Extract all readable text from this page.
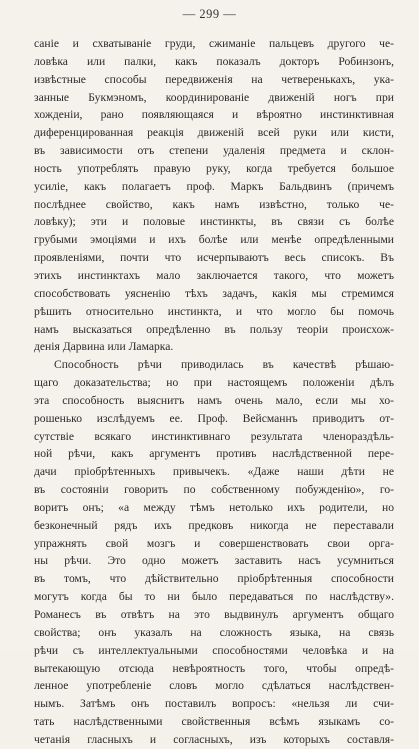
— 299 —
саніе и схватываніе груди, сжиманіе пальцевъ другого че-
ловѣка или палки, какъ показалъ докторъ Робинзонъ,
извѣстные способы передвиженія на четверенькахъ, ука-
занные Букмэномъ, координированіе движеній ногъ при
хожденіи, рано появляющаяся и вѣроятно инстинктивная
диференцированная реакція движеній всей руки или кисти,
въ зависимости отъ степени удаленія предмета и склон-
ность употреблять правую руку, когда требуется большое
усиліе, какъ полагаетъ проф. Маркъ Бальдвинъ (причемъ
послѣднее свойство, какъ намъ извѣстно, только че-
ловѣку); эти и половые инстинкты, въ связи съ болѣе
грубыми эмоціями и ихъ болѣе или менѣе опредѣленными
проявленіями, почти что исчерпываютъ весь списокъ. Въ
этихъ инстинктахъ мало заключается такого, что можетъ
способствовать уясненію тѣхъ задачъ, какія мы стремимся
рѣшить относительно инстинкта, и что могло бы помочь
намъ высказаться опредѣленно въ пользу теоріи происхож-
денія Дарвина или Ламарка.
Способность рѣчи приводилась въ качествѣ рѣшаю-
щаго доказательства; но при настоящемъ положеніи дѣлъ
эта способность выяснитъ намъ очень мало, если мы хо-
рошенько изслѣдуемъ ее. Проф. Вейсманнъ приводитъ от-
сутствіе всякаго инстинктивнаго результата членораздѣль-
ной рѣчи, какъ аргументъ противъ наслѣдственной пере-
дачи пріобрѣтенныхъ привычекъ. «Даже наши дѣти не
въ состояніи говорить по собственному побужденію», го-
воритъ онъ; «а между тѣмъ нетолько ихъ родители, но
безконечный рядъ ихъ предковъ никогда не переставали
упражнять свой мозгъ и совершенствовать свои орга-
ны рѣчи. Это одно можетъ заставить насъ усумниться
въ томъ, что дѣйствительно пріобрѣтенныя способности
могутъ когда бы то ни было передаваться по наслѣдству».
Романесъ въ отвѣтъ на это выдвинулъ аргументъ общаго
свойства; онъ указалъ на сложность языка, на связь
рѣчи съ интеллектуальными способностями человѣка и на
вытекающую отсюда невѣроятность того, чтобы опредѣ-
ленное употребленіе словъ могло сдѣлаться наслѣдствен-
нымъ. Затѣмъ онъ поставилъ вопросъ: «нельзя ли счи-
тать наслѣдственными свойственныя всѣмъ языкамъ со-
четанія гласныхъ и согласныхъ, изъ которыхъ составля-
